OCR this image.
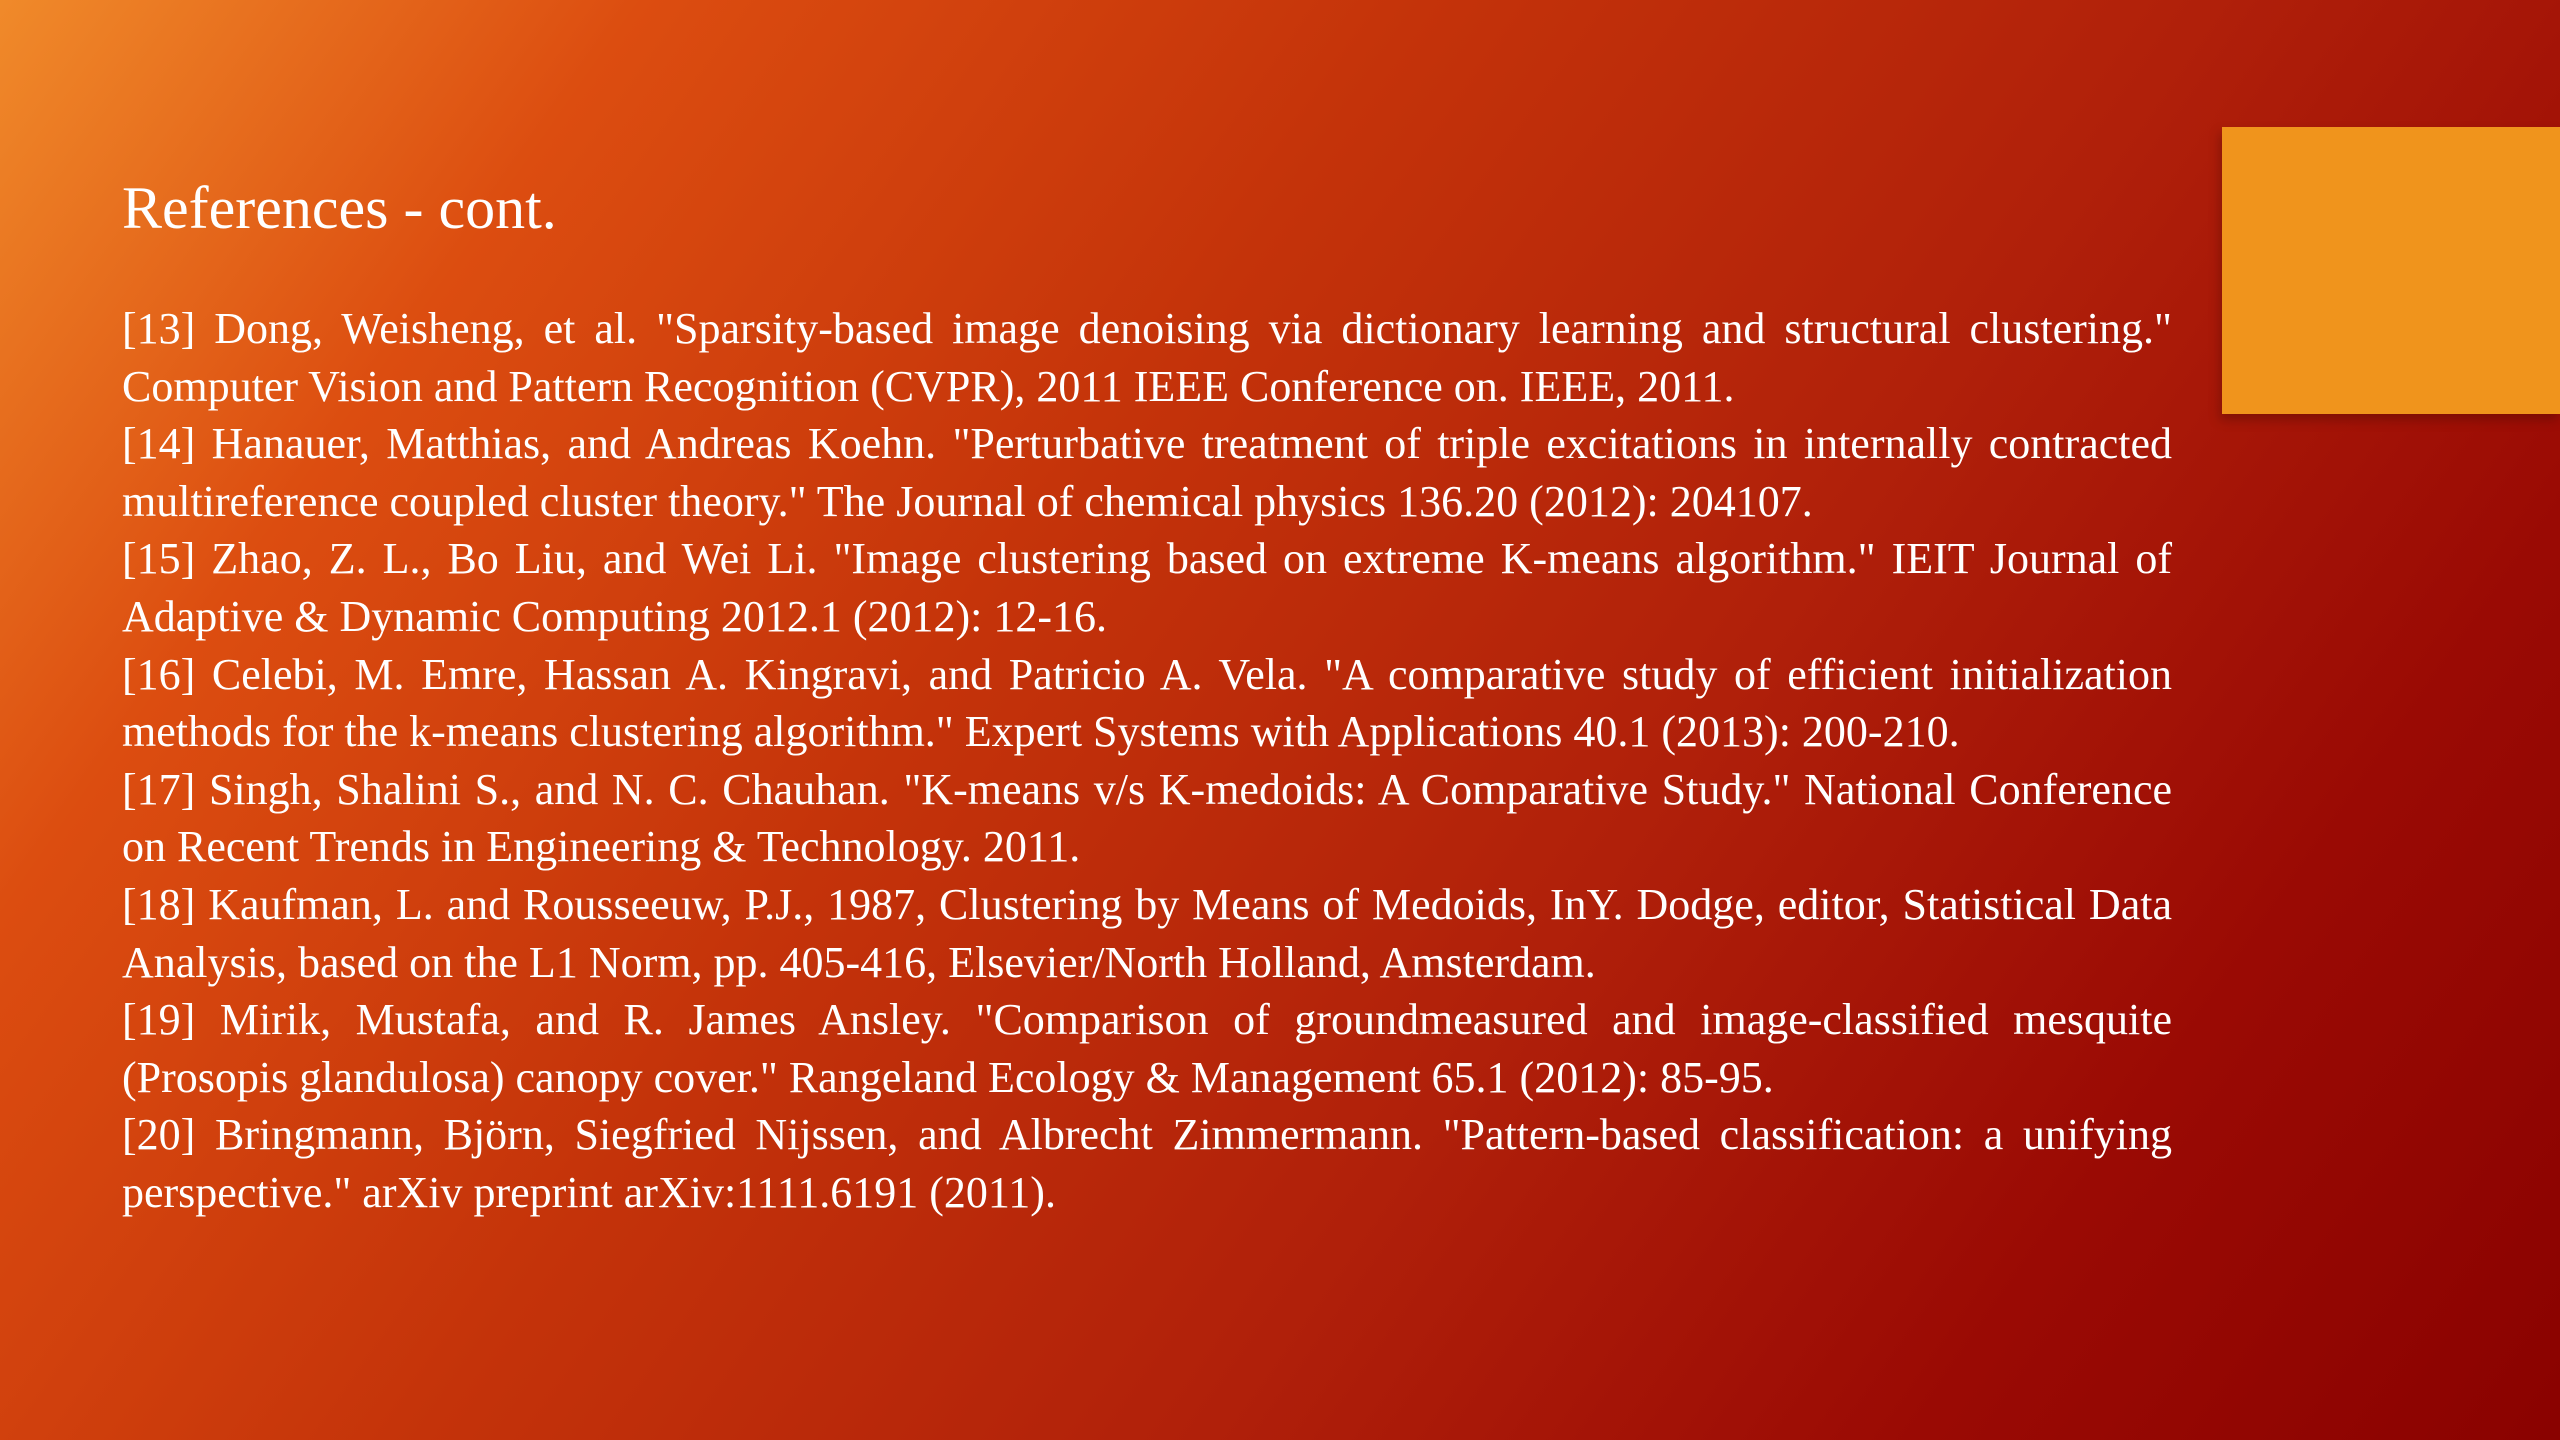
References - cont.
[13] Dong, Weisheng, et al. "Sparsity-based image denoising via dictionary learning and structural clustering." Computer Vision and Pattern Recognition (CVPR), 2011 IEEE Conference on. IEEE, 2011.
[14] Hanauer, Matthias, and Andreas Koehn. "Perturbative treatment of triple excitations in internally contracted multireference coupled cluster theory." The Journal of chemical physics 136.20 (2012): 204107.
[15] Zhao, Z. L., Bo Liu, and Wei Li. "Image clustering based on extreme K-means algorithm." IEIT Journal of Adaptive & Dynamic Computing 2012.1 (2012): 12-16.
[16] Celebi, M. Emre, Hassan A. Kingravi, and Patricio A. Vela. "A comparative study of efficient initialization methods for the k-means clustering algorithm." Expert Systems with Applications 40.1 (2013): 200-210.
[17] Singh, Shalini S., and N. C. Chauhan. "K-means v/s K-medoids: A Comparative Study." National Conference on Recent Trends in Engineering & Technology. 2011.
[18] Kaufman, L. and Rousseeuw, P.J., 1987, Clustering by Means of Medoids, InY. Dodge, editor, Statistical Data Analysis, based on the L1 Norm, pp. 405-416, Elsevier/North Holland, Amsterdam.
[19] Mirik, Mustafa, and R. James Ansley. "Comparison of groundmeasured and image-classified mesquite (Prosopis glandulosa) canopy cover." Rangeland Ecology & Management 65.1 (2012): 85-95.
[20] Bringmann, Björn, Siegfried Nijssen, and Albrecht Zimmermann. "Pattern-based classification: a unifying perspective." arXiv preprint arXiv:1111.6191 (2011).
